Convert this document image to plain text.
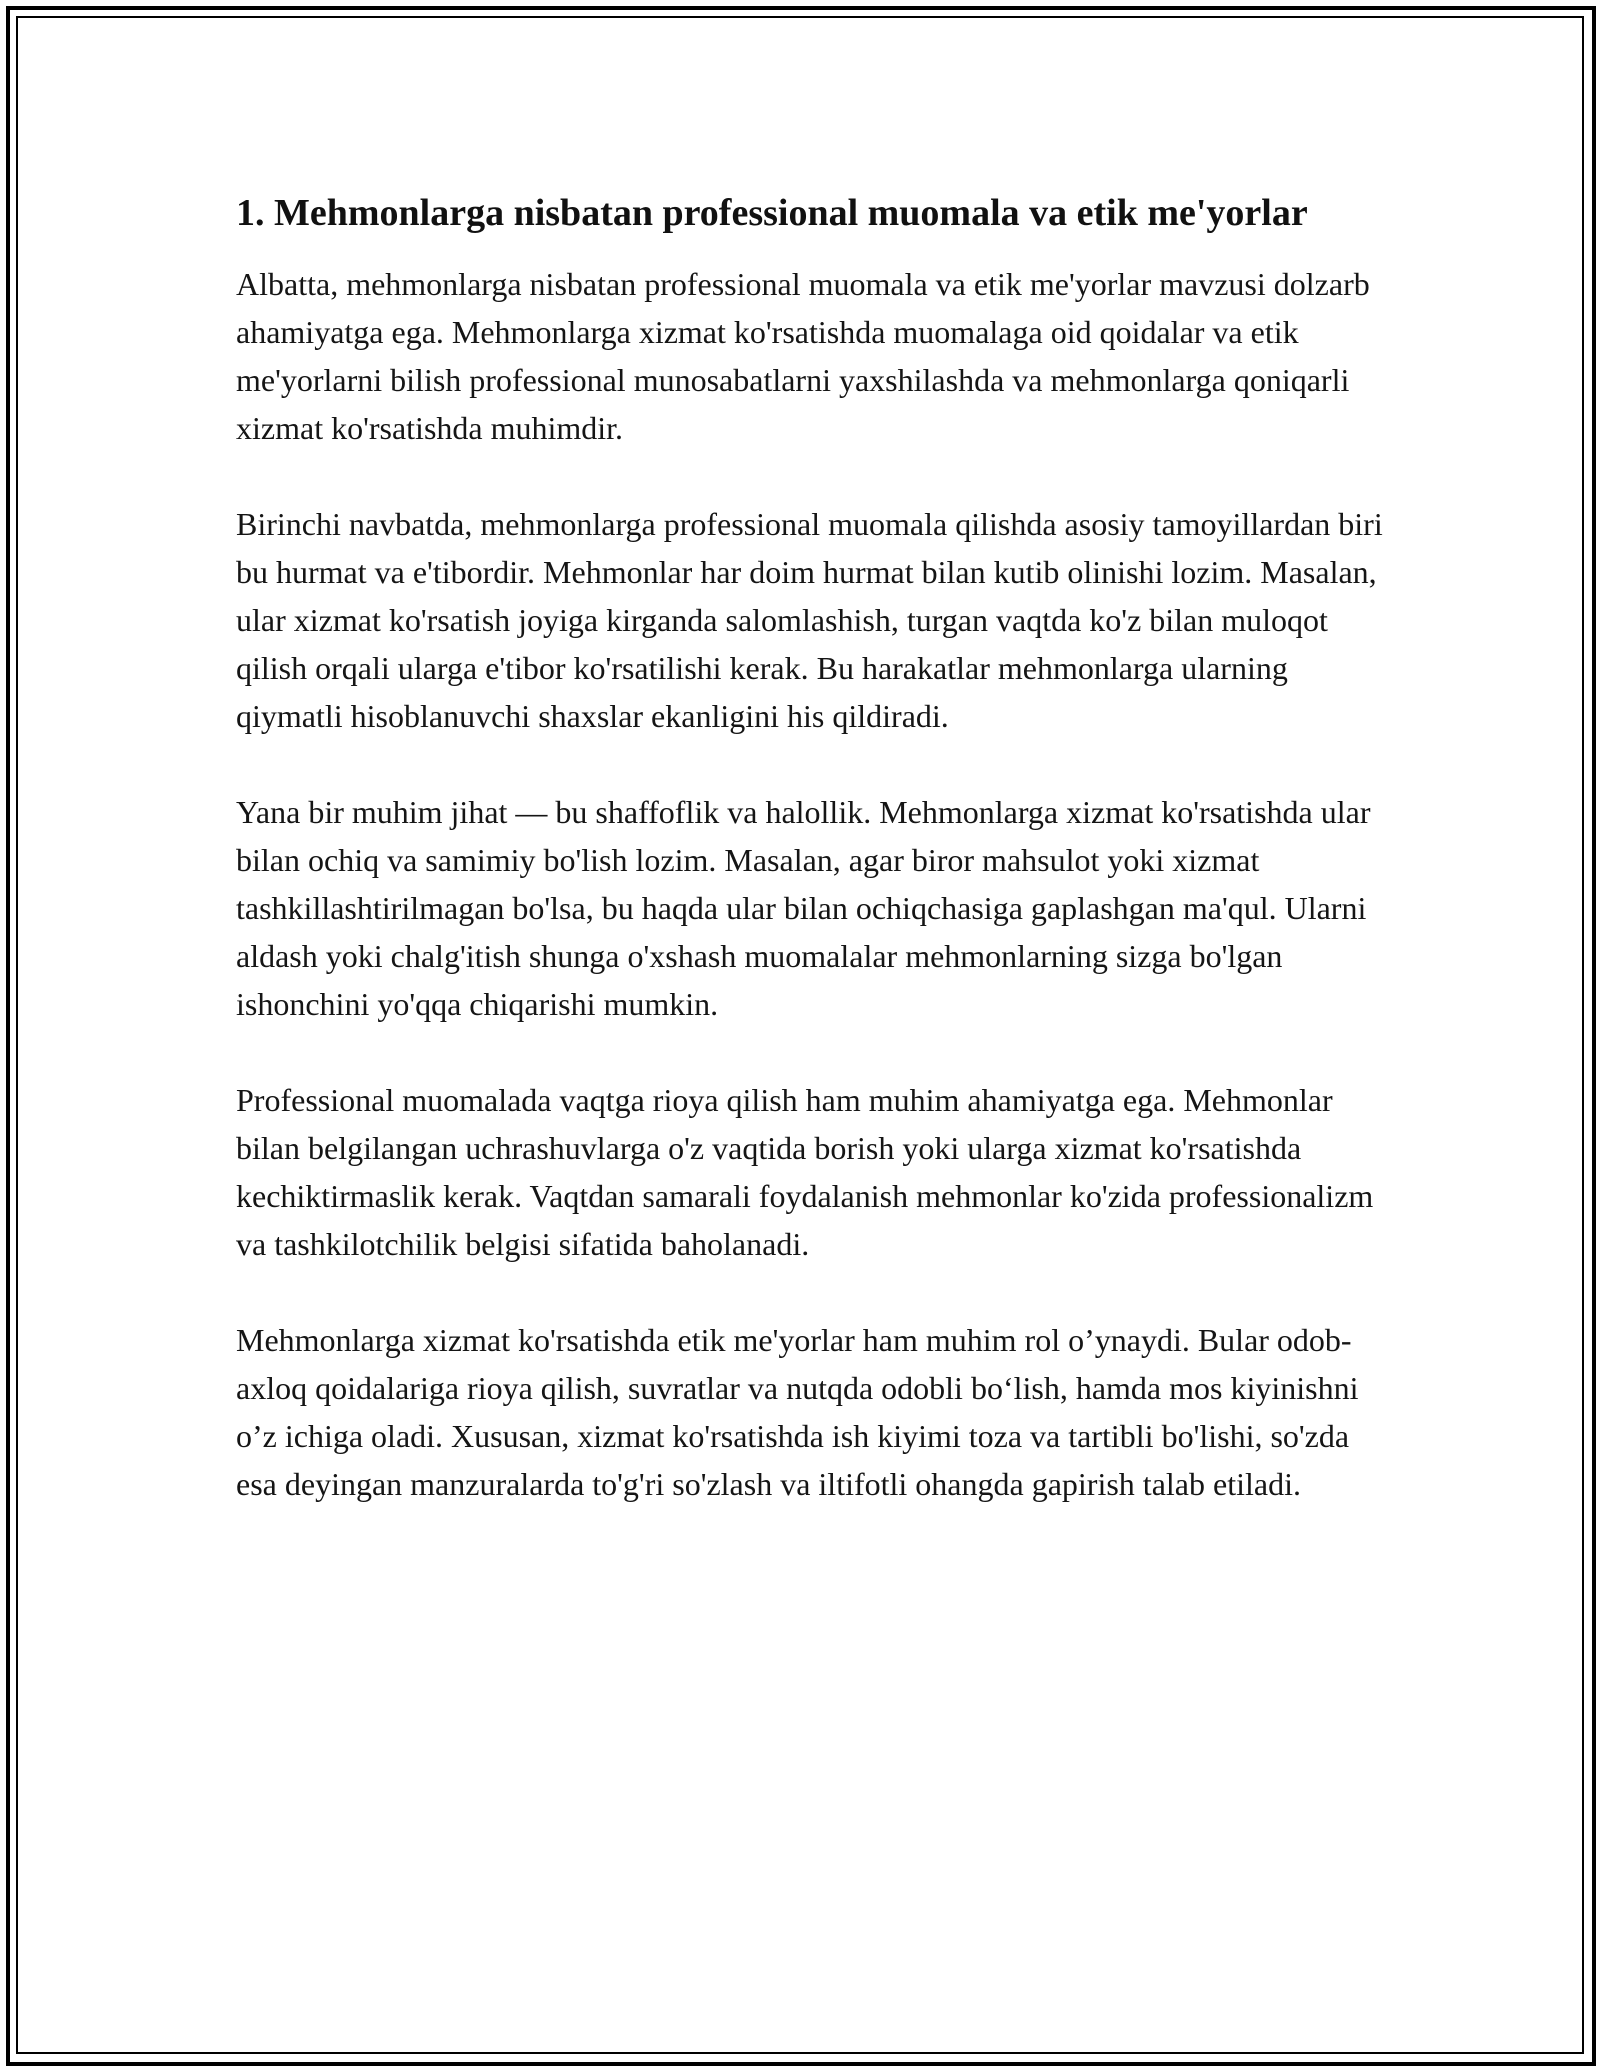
1. Mehmonlarga nisbatan professional muomala va etik me'yorlar

Albatta, mehmonlarga nisbatan professional muomala va etik me'yorlar mavzusi dolzarb ahamiyatga ega. Mehmonlarga xizmat ko'rsatishda muomalaga oid qoidalar va etik me'yorlarni bilish professional munosabatlarni yaxshilashda va mehmonlarga qoniqarli xizmat ko'rsatishda muhimdir.

Birinchi navbatda, mehmonlarga professional muomala qilishda asosiy tamoyillardan biri bu hurmat va e'tibordir. Mehmonlar har doim hurmat bilan kutib olinishi lozim. Masalan, ular xizmat ko'rsatish joyiga kirganda salomlashish, turgan vaqtda ko'z bilan muloqot qilish orqali ularga e'tibor ko'rsatilishi kerak. Bu harakatlar mehmonlarga ularning qiymatli hisoblanuvchi shaxslar ekanligini his qildiradi.

Yana bir muhim jihat — bu shaffoflik va halollik. Mehmonlarga xizmat ko'rsatishda ular bilan ochiq va samimiy bo'lish lozim. Masalan, agar biror mahsulot yoki xizmat tashkillashtirilmagan bo'lsa, bu haqda ular bilan ochiqchasiga gaplashgan ma'qul. Ularni aldash yoki chalg'itish shunga o'xshash muomalalar mehmonlarning sizga bo'lgan ishonchini yo'qqa chiqarishi mumkin.

Professional muomalada vaqtga rioya qilish ham muhim ahamiyatga ega. Mehmonlar bilan belgilangan uchrashuvlarga o'z vaqtida borish yoki ularga xizmat ko'rsatishda kechiktirmaslik kerak. Vaqtdan samarali foydalanish mehmonlar ko'zida professionalizm va tashkilotchilik belgisi sifatida baholanadi.

Mehmonlarga xizmat ko'rsatishda etik me'yorlar ham muhim rol o’ynaydi. Bular odob-axloq qoidalariga rioya qilish, suvratlar va nutqda odobli bo‘lish, hamda mos kiyinishni o’z ichiga oladi. Xususan, xizmat ko'rsatishda ish kiyimi toza va tartibli bo'lishi, so'zda esa deyingan manzuralarda to'g'ri so'zlash va iltifotli ohangda gapirish talab etiladi.
